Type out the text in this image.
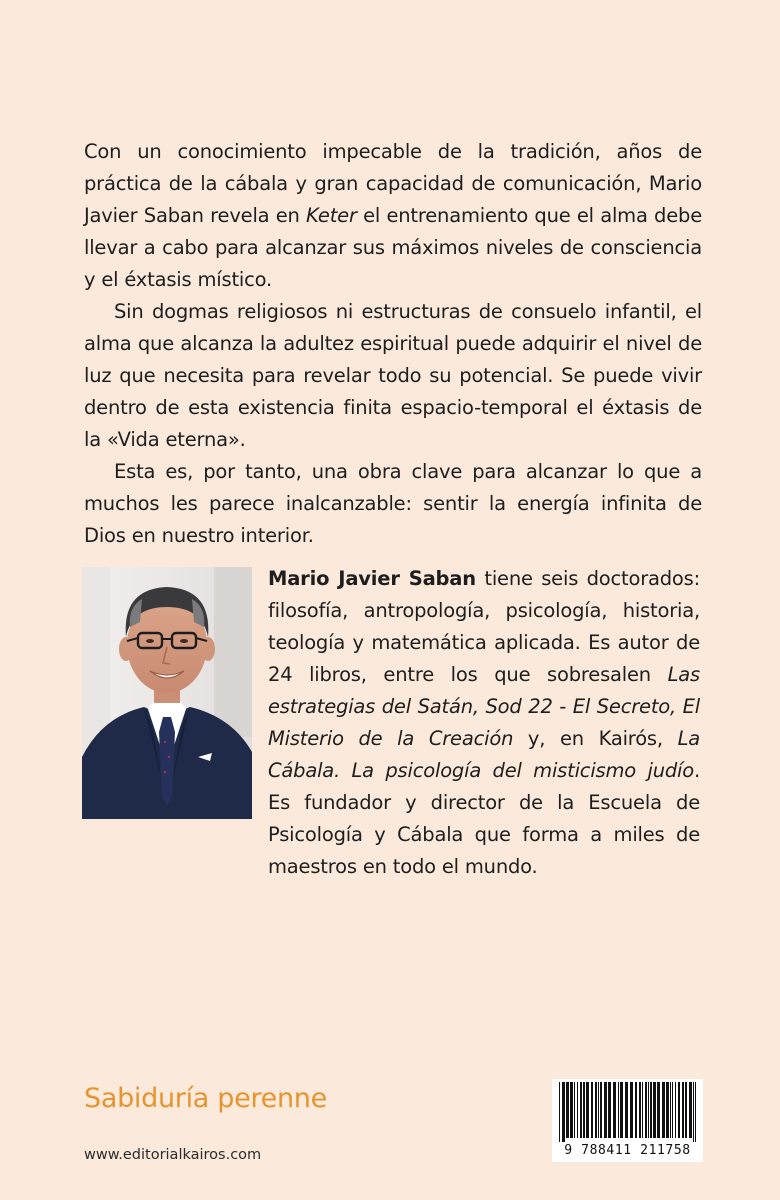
Con un conocimiento impecable de la tradición, años de práctica de la cábala y gran capacidad de comunicación, Mario Javier Saban revela en Keter el entrenamiento que el alma debe llevar a cabo para alcanzar sus máximos niveles de consciencia y el éxtasis místico.

Sin dogmas religiosos ni estructuras de consuelo infantil, el alma que alcanza la adultez espiritual puede adquirir el nivel de luz que necesita para revelar todo su potencial. Se puede vivir dentro de esta existencia finita espacio-temporal el éxtasis de la «Vida eterna».

Esta es, por tanto, una obra clave para alcanzar lo que a muchos les parece inalcanzable: sentir la energía infinita de Dios en nuestro interior.

Mario Javier Saban tiene seis doctorados: filosofía, antropología, psicología, historia, teología y matemática aplicada. Es autor de 24 libros, entre los que sobresalen Las estrategias del Satán, Sod 22 - El Secreto, El Misterio de la Creación y, en Kairós, La Cábala. La psicología del misticismo judío. Es fundador y director de la Escuela de Psicología y Cábala que forma a miles de maestros en todo el mundo.

Sabiduría perenne

www.editorialkairos.com	9 788411 211758
